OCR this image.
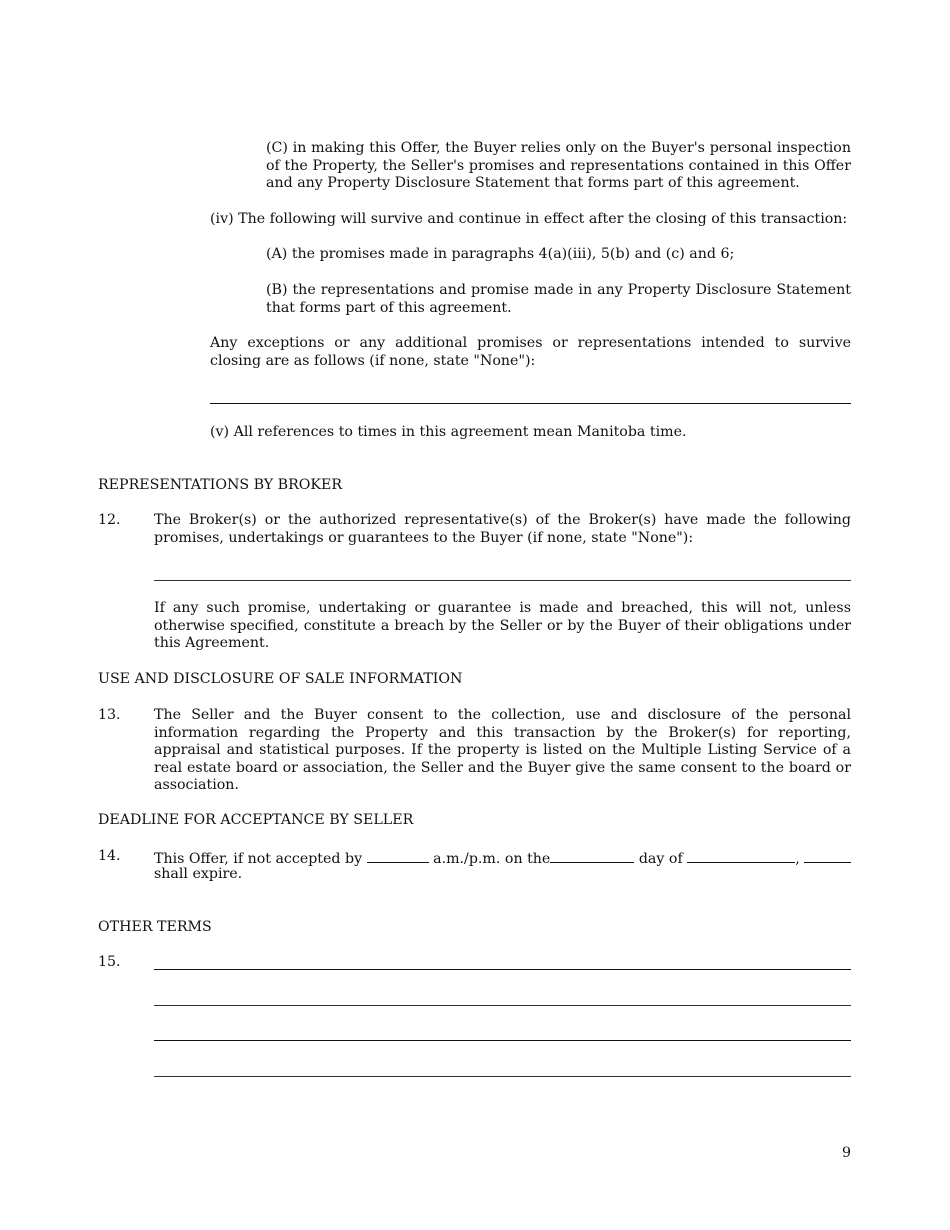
(C) in making this Offer, the Buyer relies only on the Buyer's personal inspection of the Property, the Seller's promises and representations contained in this Offer and any Property Disclosure Statement that forms part of this agreement.
(iv) The following will survive and continue in effect after the closing of this transaction:
(A) the promises made in paragraphs 4(a)(iii), 5(b) and (c) and 6;
(B) the representations and promise made in any Property Disclosure Statement that forms part of this agreement.
Any exceptions or any additional promises or representations intended to survive closing are as follows (if none, state "None"):
(v) All references to times in this agreement mean Manitoba time.
REPRESENTATIONS BY BROKER
12. The Broker(s) or the authorized representative(s) of the Broker(s) have made the following promises, undertakings or guarantees to the Buyer (if none, state "None"):
If any such promise, undertaking or guarantee is made and breached, this will not, unless otherwise specified, constitute a breach by the Seller or by the Buyer of their obligations under this Agreement.
USE AND DISCLOSURE OF SALE INFORMATION
13. The Seller and the Buyer consent to the collection, use and disclosure of the personal information regarding the Property and this transaction by the Broker(s) for reporting, appraisal and statistical purposes. If the property is listed on the Multiple Listing Service of a real estate board or association, the Seller and the Buyer give the same consent to the board or association.
DEADLINE FOR ACCEPTANCE BY SELLER
14. This Offer, if not accepted by	a.m./p.m. on the	day of	,
shall expire.
OTHER TERMS
15.
9
